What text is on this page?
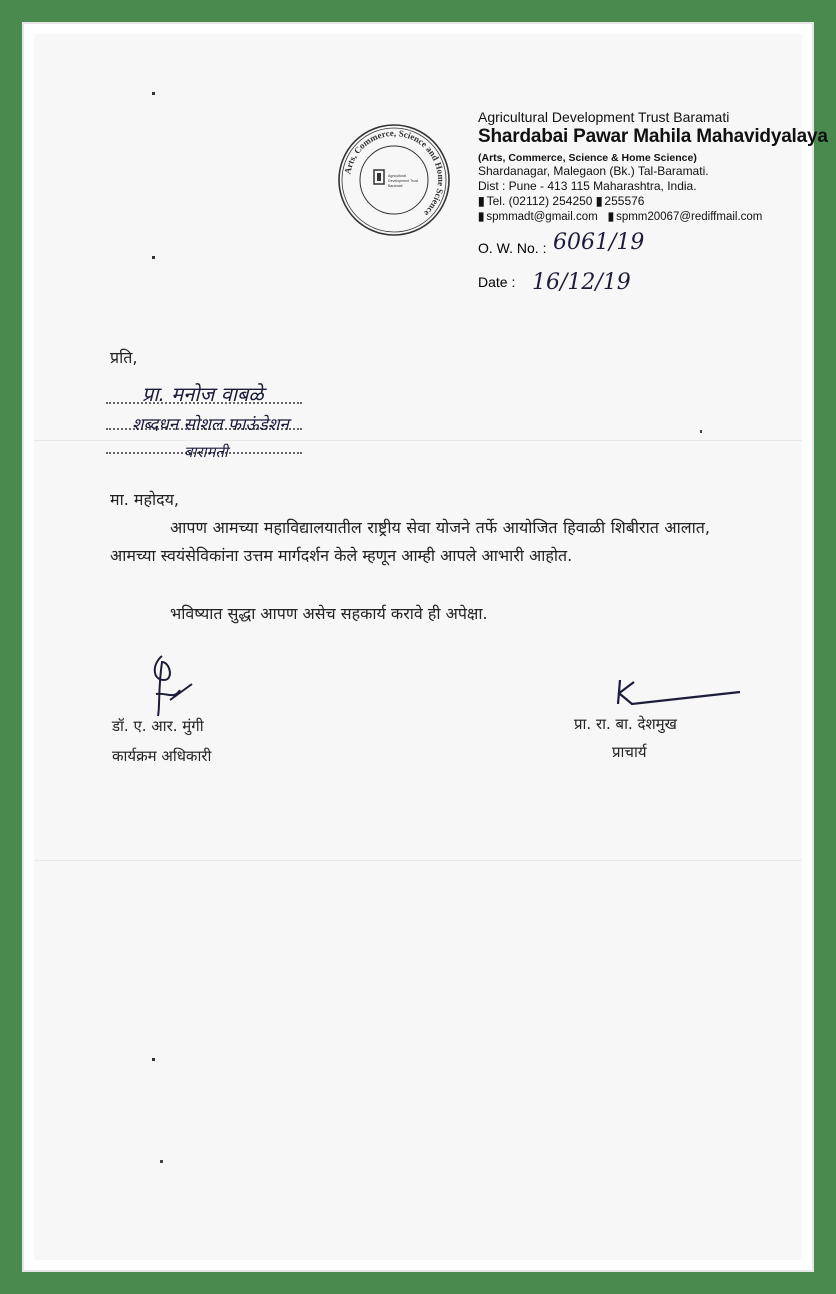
Arts, Commerce, Science and Home Science
Agricultural
Development Trust
Baramati
Agricultural Development Trust Baramati
Shardabai Pawar Mahila Mahavidyalaya
(Arts, Commerce, Science & Home Science)
Shardanagar, Malegaon (Bk.) Tal-Baramati.
Dist : Pune - 413 115 Maharashtra, India.
▮ Tel. (02112) 254250 ▮ 255576
▮ spmmadt@gmail.com ▮ spmm20067@rediffmail.com
O. W. No. : 6061/19
Date : 16/12/19
प्रति,
प्रा. मनोज वाबळे
शब्दधन सोशल फाऊंडेशन
बारामती
मा. महोदय,
आपण आमच्या महाविद्यालयातील राष्ट्रीय सेवा योजने तर्फे आयोजित हिवाळी शिबीरात आलात, आमच्या स्वयंसेविकांना उत्तम मार्गदर्शन केले म्हणून आम्ही आपले आभारी आहोत.
भविष्यात सुद्धा आपण असेच सहकार्य करावे ही अपेक्षा.
डॉ. ए. आर. मुंगी
कार्यक्रम अधिकारी
प्रा. रा. बा. देशमुख
प्राचार्य
